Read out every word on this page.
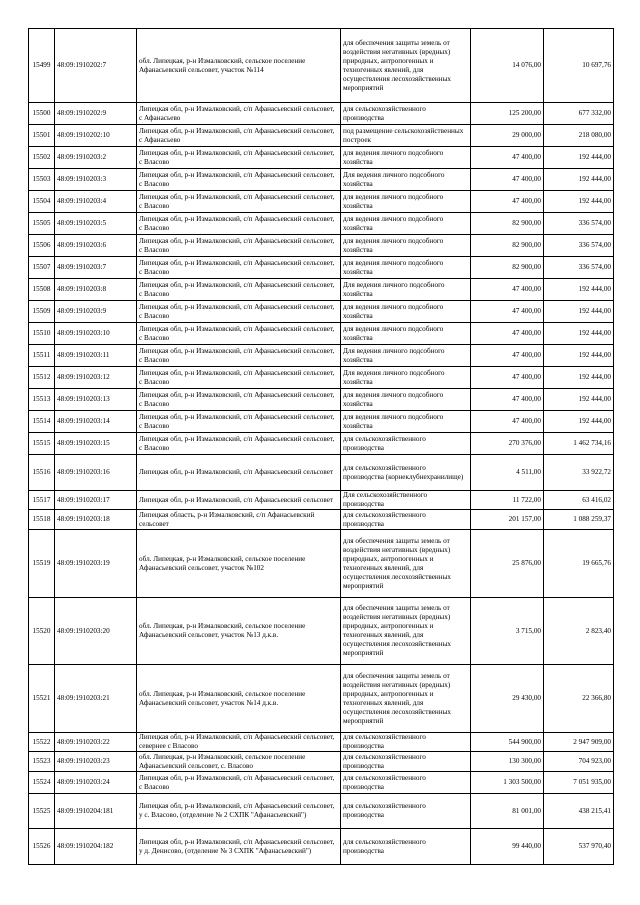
15499	48:09:1910202:7	обл. Липецкая, р-н Измалковский, сельское поселение Афанасьевский сельсовет, участок №114	для обеспечения защиты земель от воздействия негативных (вредных) природных, антропогенных и техногенных явлений, для осуществления лесохозяйственных мероприятий	14 076,00	10 697,76
15500	48:09:1910202:9	Липецкая обл, р-н Измалковский, с/п Афанасьевский сельсовет, с Афанасьево	для сельскохозяйственного производства	125 200,00	677 332,00
15501	48:09:1910202:10	Липецкая обл, р-н Измалковский, с/п Афанасьевский сельсовет, с Афанасьево	под размещение сельскохозяйственных построек	29 000,00	218 080,00
15502	48:09:1910203:2	Липецкая обл, р-н Измалковский, с/п Афанасьевский сельсовет, с Власово	для ведения личного подсобного хозяйства	47 400,00	192 444,00
15503	48:09:1910203:3	Липецкая обл, р-н Измалковский, с/п Афанасьевский сельсовет, с Власово	Для ведения личного подсобного хозяйства	47 400,00	192 444,00
15504	48:09:1910203:4	Липецкая обл, р-н Измалковский, с/п Афанасьевский сельсовет, с Власово	для ведения личного подсобного хозяйства	47 400,00	192 444,00
15505	48:09:1910203:5	Липецкая обл, р-н Измалковский, с/п Афанасьевский сельсовет, с Власово	для ведения личного подсобного хозяйства	82 900,00	336 574,00
15506	48:09:1910203:6	Липецкая обл, р-н Измалковский, с/п Афанасьевский сельсовет, с Власово	для ведения личного подсобного хозяйства	82 900,00	336 574,00
15507	48:09:1910203:7	Липецкая обл, р-н Измалковский, с/п Афанасьевский сельсовет, с Власово	для ведения личного подсобного хозяйства	82 900,00	336 574,00
15508	48:09:1910203:8	Липецкая обл, р-н Измалковский, с/п Афанасьевский сельсовет, с Власово	Для ведения личного подсобного хозяйства	47 400,00	192 444,00
15509	48:09:1910203:9	Липецкая обл, р-н Измалковский, с/п Афанасьевский сельсовет, с Власово	для ведения личного подсобного хозяйства	47 400,00	192 444,00
15510	48:09:1910203:10	Липецкая обл, р-н Измалковский, с/п Афанасьевский сельсовет, с Власово	для ведения личного подсобного хозяйства	47 400,00	192 444,00
15511	48:09:1910203:11	Липецкая обл, р-н Измалковский, с/п Афанасьевский сельсовет, с Власово	Для ведения личного подсобного хозяйства	47 400,00	192 444,00
15512	48:09:1910203:12	Липецкая обл, р-н Измалковский, с/п Афанасьевский сельсовет, с Власово	Для ведения личного подсобного хозяйства	47 400,00	192 444,00
15513	48:09:1910203:13	Липецкая обл, р-н Измалковский, с/п Афанасьевский сельсовет, с Власово	для ведения личного подсобного хозяйства	47 400,00	192 444,00
15514	48:09:1910203:14	Липецкая обл, р-н Измалковский, с/п Афанасьевский сельсовет, с Власово	для ведения личного подсобного хозяйства	47 400,00	192 444,00
15515	48:09:1910203:15	Липецкая обл, р-н Измалковский, с/п Афанасьевский сельсовет, с Власово	для сельскохозяйственного производства	270 376,00	1 462 734,16
15516	48:09:1910203:16	Липецкая обл, р-н Измалковский, с/п Афанасьевский сельсовет	для сельскохозяйственного производства (корнеклубнехранилище)	4 511,00	33 922,72
15517	48:09:1910203:17	Липецкая обл, р-н Измалковский, с/п Афанасьевский сельсовет	Для сельскохозяйственного производства	11 722,00	63 416,02
15518	48:09:1910203:18	Липецкая область, р-н Измалковский, с/п Афанасьевский сельсовет	для сельскохозяйственного производства	201 157,00	1 088 259,37
15519	48:09:1910203:19	обл. Липецкая, р-н Измалковский, сельское поселение Афанасьевский сельсовет, участок №102	для обеспечения защиты земель от воздействия негативных (вредных) природных, антропогенных и техногенных явлений, для осуществления лесохозяйственных мероприятий	25 876,00	19 665,76
15520	48:09:1910203:20	обл. Липецкая, р-н Измалковский, сельское поселение Афанасьевский сельсовет, участок №13 д.к.в.	для обеспечения защиты земель от воздействия негативных (вредных) природных, антропогенных и техногенных явлений, для осуществления лесохозяйственных мероприятий	3 715,00	2 823,40
15521	48:09:1910203:21	обл. Липецкая, р-н Измалковский, сельское поселение Афанасьевский сельсовет, участок №14 д.к.в.	для обеспечения защиты земель от воздействия негативных (вредных) природных, антропогенных и техногенных явлений, для осуществления лесохозяйственных мероприятий	29 430,00	22 366,80
15522	48:09:1910203:22	Липецкая обл, р-н Измалковский, с/п Афанасьевский сельсовет, севернее с Власово	для сельскохозяйственного производства	544 900,00	2 947 909,00
15523	48:09:1910203:23	обл. Липецкая, р-н Измалковский, сельское поселение Афанасьевский сельсовет, с. Власово	для сельскохозяйственного производства	130 300,00	704 923,00
15524	48:09:1910203:24	Липецкая обл, р-н Измалковский, с/п Афанасьевский сельсовет, с Власово	для сельскохозяйственного производства	1 303 500,00	7 051 935,00
15525	48:09:1910204:181	Липецкая обл, р-н Измалковский, с/п Афанасьевский сельсовет, у с. Власово, (отделение № 2 СХПК "Афанасьевский")	для сельскохозяйственного производства	81 001,00	438 215,41
15526	48:09:1910204:182	Липецкая обл, р-н Измалковский, с/п Афанасьевский сельсовет, у д. Денисово, (отделение № 3 СХПК "Афанасьевский")	для сельскохозяйственного производства	99 440,00	537 970,40
